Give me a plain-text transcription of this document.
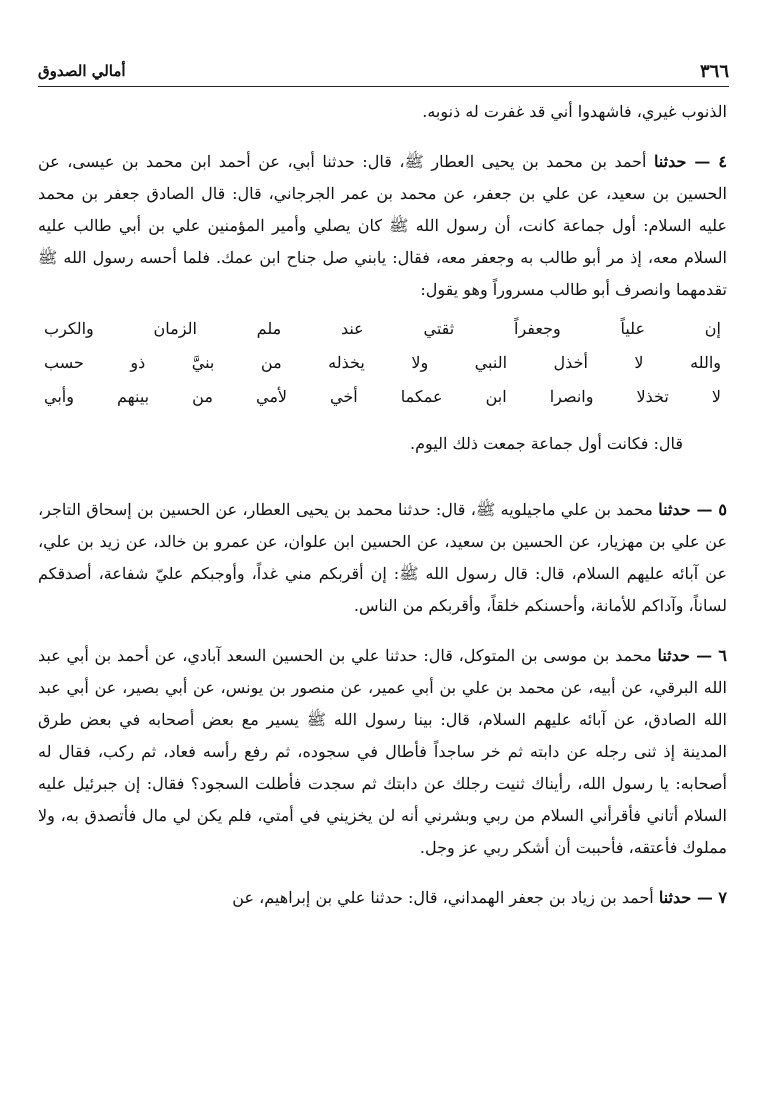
أمالي الصدوق	٣٦٦

الذنوب غيري، فاشهدوا أني قد غفرت له ذنوبه.

٤ — حدثنا أحمد بن محمد بن يحيى العطار ﷺ، قال: حدثنا أبي، عن أحمد ابن محمد بن عيسى، عن الحسين بن سعيد، عن علي بن جعفر، عن محمد بن عمر الجرجاني، قال: قال الصادق جعفر بن محمد عليه السلام: أول جماعة كانت، أن رسول الله ﷺ كان يصلي وأمير المؤمنين علي بن أبي طالب عليه السلام معه، إذ مر أبو طالب به وجعفر معه، فقال: يابني صل جناح ابن عمك. فلما أحسه رسول الله ﷺ تقدمهما وانصرف أبو طالب مسروراً وهو يقول:

إن علياً وجعفراً ثقتي عند ملم الزمان والكرب
والله لا أخذل النبي ولا يخذله من بنيَّ ذو حسب
لا تخذلا وانصرا ابن عمكما أخي لأمي من بينهم وأبي

قال: فكانت أول جماعة جمعت ذلك اليوم.

٥ — حدثنا محمد بن علي ماجيلويه ﷺ، قال: حدثنا محمد بن يحيى العطار، عن الحسين بن إسحاق التاجر، عن علي بن مهزيار، عن الحسين بن سعيد، عن الحسين ابن علوان، عن عمرو بن خالد، عن زيد بن علي، عن آبائه عليهم السلام، قال: قال رسول الله ﷺ: إن أقربكم مني غداً، وأوجبكم عليّ شفاعة، أصدقكم لساناً، وآداكم للأمانة، وأحسنكم خلقاً، وأقربكم من الناس.

٦ — حدثنا محمد بن موسى بن المتوكل، قال: حدثنا علي بن الحسين السعد آبادي، عن أحمد بن أبي عبد الله البرقي، عن أبيه، عن محمد بن علي بن أبي عمير، عن منصور بن يونس، عن أبي بصير، عن أبي عبد الله الصادق، عن آبائه عليهم السلام، قال: بينا رسول الله ﷺ يسير مع بعض أصحابه في بعض طرق المدينة إذ ثنى رجله عن دابته ثم خر ساجداً فأطال في سجوده، ثم رفع رأسه فعاد، ثم ركب، فقال له أصحابه: يا رسول الله، رأيناك ثنيت رجلك عن دابتك ثم سجدت فأطلت السجود؟ فقال: إن جبرئيل عليه السلام أتاني فأقرأني السلام من ربي وبشرني أنه لن يخزيني في أمتي، فلم يكن لي مال فأتصدق به، ولا مملوك فأعتقه، فأحببت أن أشكر ربي عز وجل.

٧ — حدثنا أحمد بن زياد بن جعفر الهمداني، قال: حدثنا علي بن إبراهيم، عن
